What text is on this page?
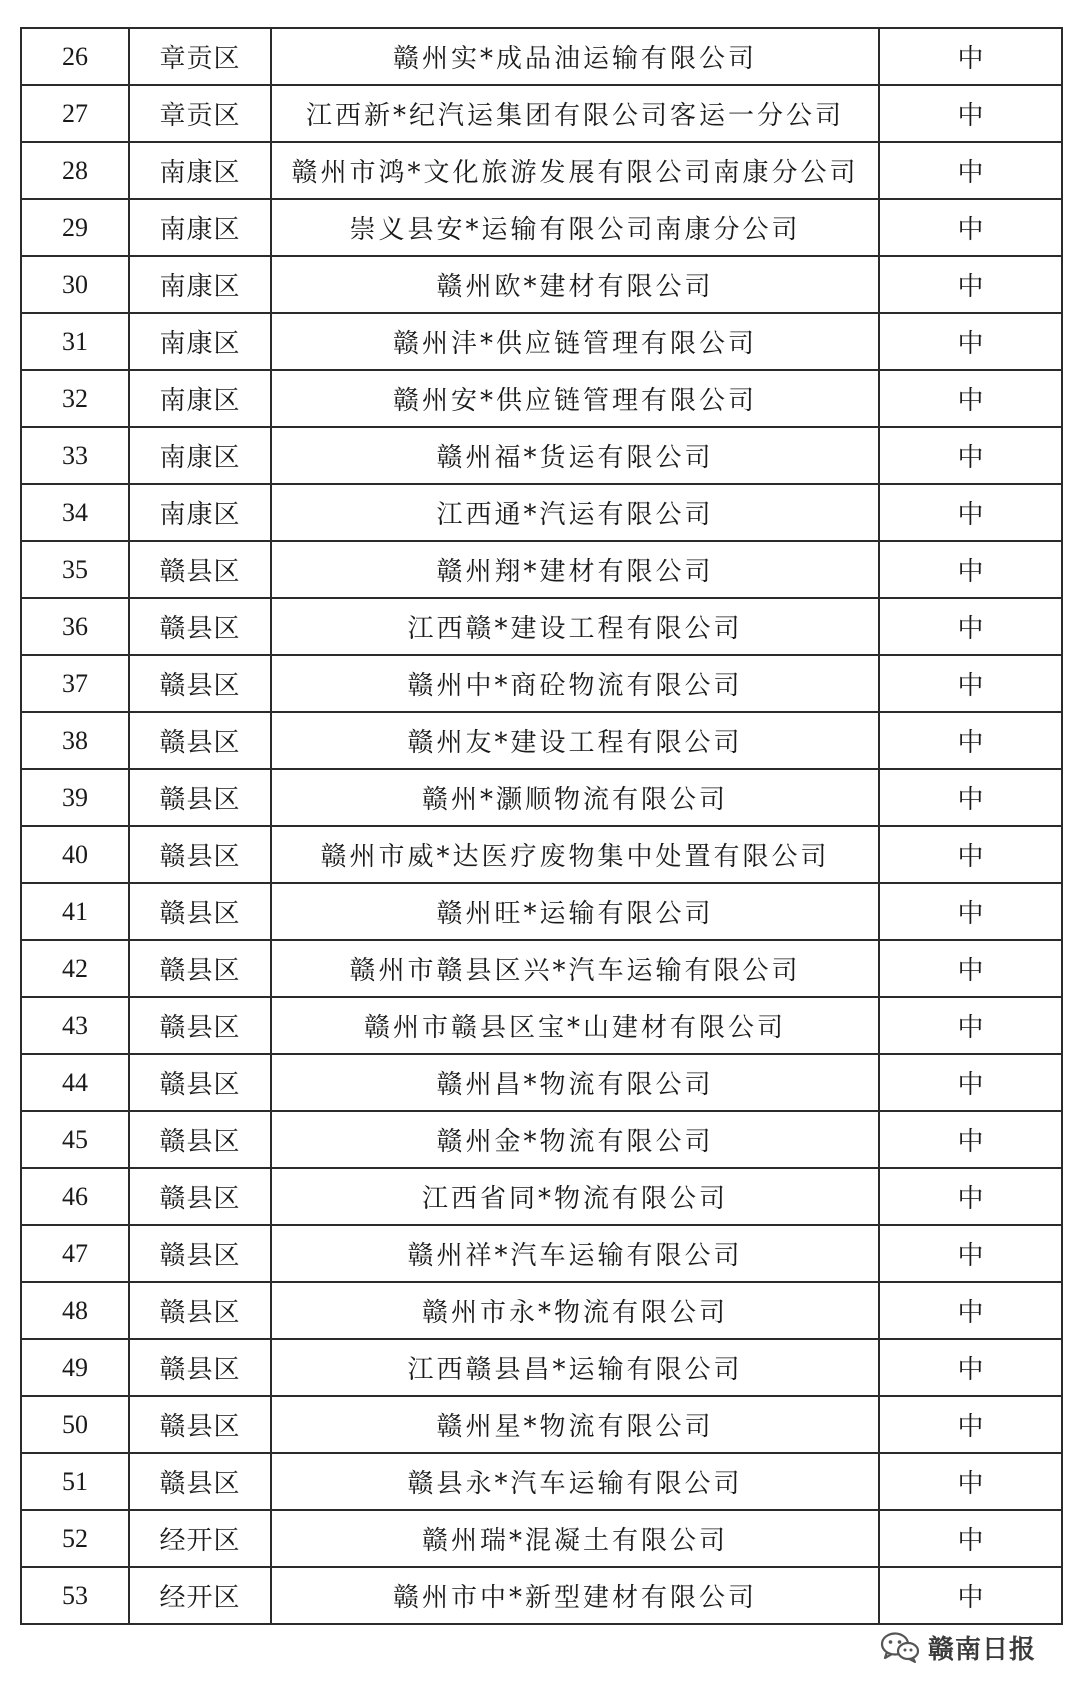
26	章贡区	赣州实*成品油运输有限公司	中
27	章贡区	江西新*纪汽运集团有限公司客运一分公司	中
28	南康区	赣州市鸿*文化旅游发展有限公司南康分公司	中
29	南康区	崇义县安*运输有限公司南康分公司	中
30	南康区	赣州欧*建材有限公司	中
31	南康区	赣州沣*供应链管理有限公司	中
32	南康区	赣州安*供应链管理有限公司	中
33	南康区	赣州福*货运有限公司	中
34	南康区	江西通*汽运有限公司	中
35	赣县区	赣州翔*建材有限公司	中
36	赣县区	江西赣*建设工程有限公司	中
37	赣县区	赣州中*商砼物流有限公司	中
38	赣县区	赣州友*建设工程有限公司	中
39	赣县区	赣州*灏顺物流有限公司	中
40	赣县区	赣州市威*达医疗废物集中处置有限公司	中
41	赣县区	赣州旺*运输有限公司	中
42	赣县区	赣州市赣县区兴*汽车运输有限公司	中
43	赣县区	赣州市赣县区宝*山建材有限公司	中
44	赣县区	赣州昌*物流有限公司	中
45	赣县区	赣州金*物流有限公司	中
46	赣县区	江西省同*物流有限公司	中
47	赣县区	赣州祥*汽车运输有限公司	中
48	赣县区	赣州市永*物流有限公司	中
49	赣县区	江西赣县昌*运输有限公司	中
50	赣县区	赣州星*物流有限公司	中
51	赣县区	赣县永*汽车运输有限公司	中
52	经开区	赣州瑞*混凝土有限公司	中
53	经开区	赣州市中*新型建材有限公司	中
赣南日报
